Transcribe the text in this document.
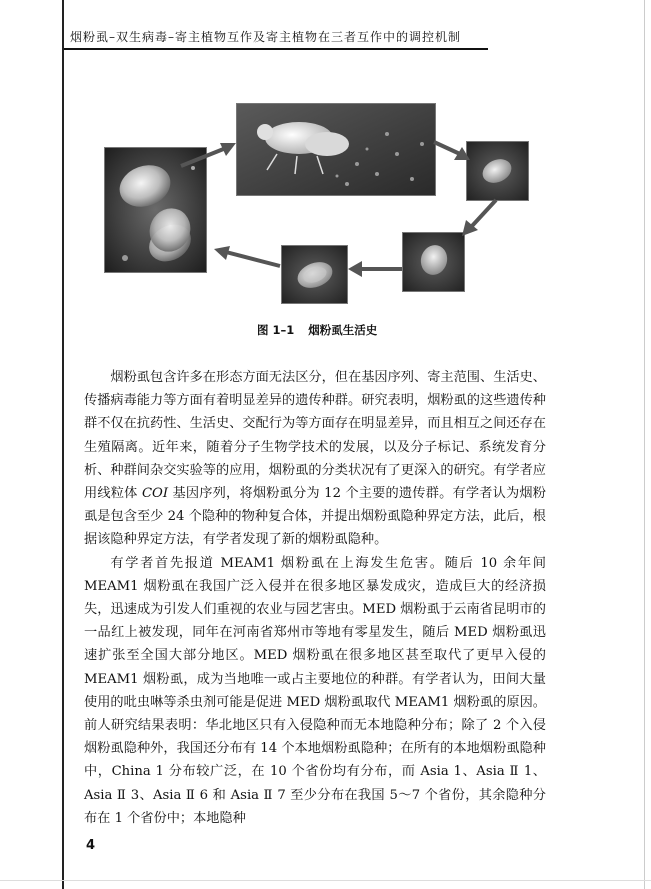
烟粉虱–双生病毒–寄主植物互作及寄主植物在三者互作中的调控机制
图 1–1 烟粉虱生活史

烟粉虱包含许多在形态方面无法区分，但在基因序列、寄主范围、生活史、传播病毒能力等方面有着明显差异的遗传种群。研究表明，烟粉虱的这些遗传种群不仅在抗药性、生活史、交配行为等方面存在明显差异，而且相互之间还存在生殖隔离。近年来，随着分子生物学技术的发展，以及分子标记、系统发育分析、种群间杂交实验等的应用，烟粉虱的分类状况有了更深入的研究。有学者应用线粒体 COI 基因序列，将烟粉虱分为 12 个主要的遗传群。有学者认为烟粉虱是包含至少 24 个隐种的物种复合体，并提出烟粉虱隐种界定方法，此后，根据该隐种界定方法，有学者发现了新的烟粉虱隐种。

有学者首先报道 MEAM1 烟粉虱在上海发生危害。随后 10 余年间 MEAM1 烟粉虱在我国广泛入侵并在很多地区暴发成灾，造成巨大的经济损失，迅速成为引发人们重视的农业与园艺害虫。MED 烟粉虱于云南省昆明市的一品红上被发现，同年在河南省郑州市等地有零星发生，随后 MED 烟粉虱迅速扩张至全国大部分地区。MED 烟粉虱在很多地区甚至取代了更早入侵的 MEAM1 烟粉虱，成为当地唯一或占主要地位的种群。有学者认为，田间大量使用的吡虫啉等杀虫剂可能是促进 MED 烟粉虱取代 MEAM1 烟粉虱的原因。前人研究结果表明：华北地区只有入侵隐种而无本地隐种分布；除了 2 个入侵烟粉虱隐种外，我国还分布有 14 个本地烟粉虱隐种；在所有的本地烟粉虱隐种中，China 1 分布较广泛，在 10 个省份均有分布，而 Asia 1、Asia Ⅱ 1、Asia Ⅱ 3、Asia Ⅱ 6 和 Asia Ⅱ 7 至少分布在我国 5～7 个省份，其余隐种分布在 1 个省份中；本地隐种

4
